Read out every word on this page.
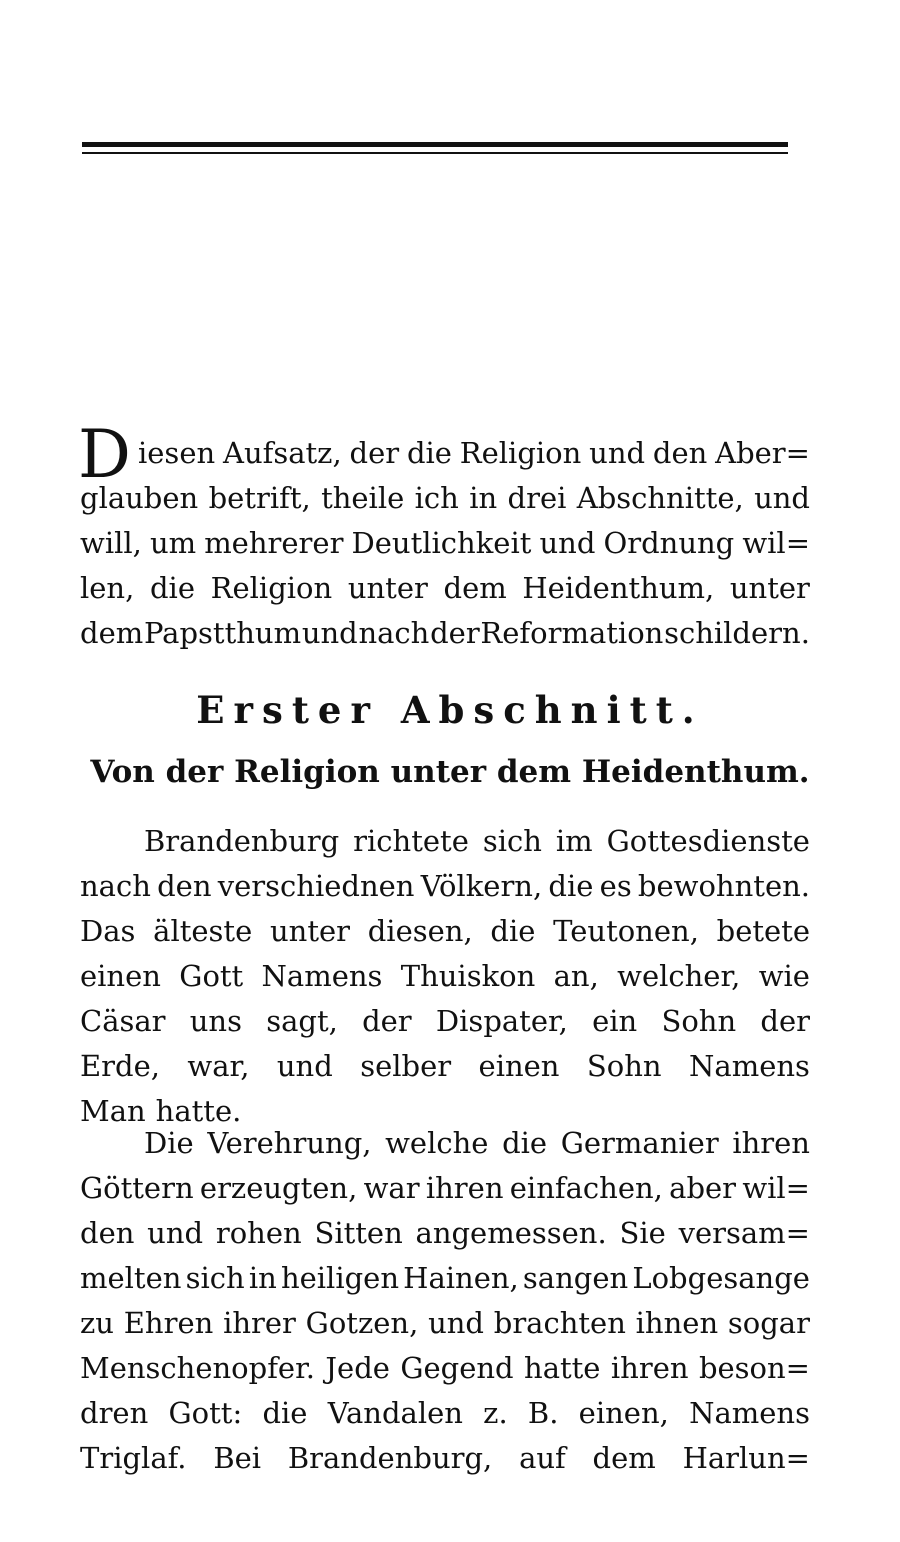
D iesen Aufsatz, der die Religion und den Aber=
glauben betrift, theile ich in drei Abschnitte, und
will, um mehrerer Deutlichkeit und Ordnung wil=
len, die Religion unter dem Heidenthum, unter
dem Papstthum und nach der Reformation schildern.
Erster Abschnitt.
Von der Religion unter dem Heidenthum.
Brandenburg richtete sich im Gottesdienste
nach den verschiednen Völkern, die es bewohnten.
Das älteste unter diesen, die Teutonen, betete
einen Gott Namens Thuiskon an, welcher, wie
Cäsar uns sagt, der Dispater, ein Sohn der
Erde, war, und selber einen Sohn Namens
Man hatte.
Die Verehrung, welche die Germanier ihren
Göttern erzeugten, war ihren einfachen, aber wil=
den und rohen Sitten angemessen. Sie versam=
melten sich in heiligen Hainen, sangen Lobgesange
zu Ehren ihrer Gotzen, und brachten ihnen sogar
Menschenopfer. Jede Gegend hatte ihren beson=
dren Gott: die Vandalen z. B. einen, Namens
Triglaf. Bei Brandenburg, auf dem Harlun=
